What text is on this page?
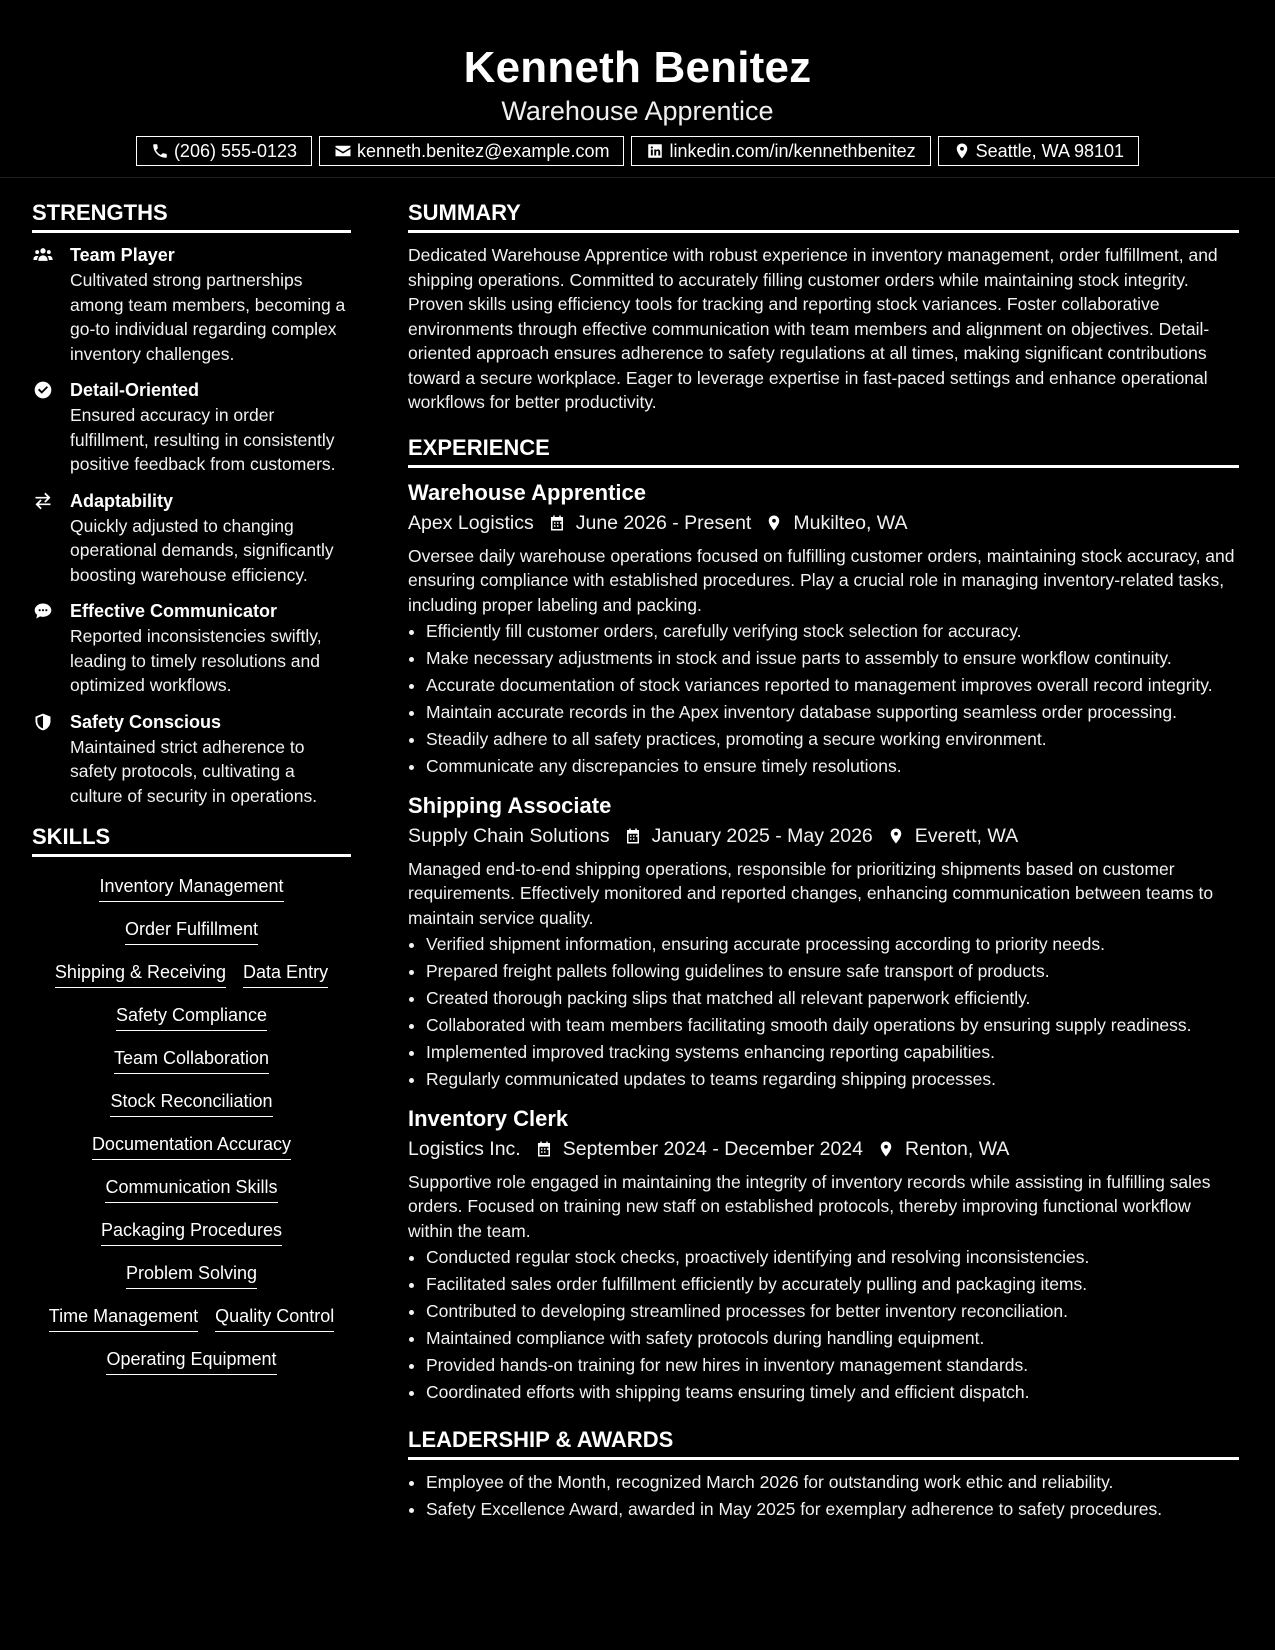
Kenneth Benitez
Warehouse Apprentice
(206) 555-0123	kenneth.benitez@example.com	linkedin.com/in/kennethbenitez	Seattle, WA 98101
STRENGTHS
Team Player
Cultivated strong partnerships among team members, becoming a go-to individual regarding complex inventory challenges.
Detail-Oriented
Ensured accuracy in order fulfillment, resulting in consistently positive feedback from customers.
Adaptability
Quickly adjusted to changing operational demands, significantly boosting warehouse efficiency.
Effective Communicator
Reported inconsistencies swiftly, leading to timely resolutions and optimized workflows.
Safety Conscious
Maintained strict adherence to safety protocols, cultivating a culture of security in operations.
SKILLS
Inventory Management
Order Fulfillment
Shipping & Receiving Data Entry
Safety Compliance
Team Collaboration
Stock Reconciliation
Documentation Accuracy
Communication Skills
Packaging Procedures
Problem Solving
Time Management Quality Control
Operating Equipment
SUMMARY
Dedicated Warehouse Apprentice with robust experience in inventory management, order fulfillment, and shipping operations. Committed to accurately filling customer orders while maintaining stock integrity. Proven skills using efficiency tools for tracking and reporting stock variances. Foster collaborative environments through effective communication with team members and alignment on objectives. Detail-oriented approach ensures adherence to safety regulations at all times, making significant contributions toward a secure workplace. Eager to leverage expertise in fast-paced settings and enhance operational workflows for better productivity.
EXPERIENCE
Warehouse Apprentice
Apex Logistics June 2026 - Present Mukilteo, WA
Oversee daily warehouse operations focused on fulfilling customer orders, maintaining stock accuracy, and ensuring compliance with established procedures. Play a crucial role in managing inventory-related tasks, including proper labeling and packing.
• Efficiently fill customer orders, carefully verifying stock selection for accuracy.
• Make necessary adjustments in stock and issue parts to assembly to ensure workflow continuity.
• Accurate documentation of stock variances reported to management improves overall record integrity.
• Maintain accurate records in the Apex inventory database supporting seamless order processing.
• Steadily adhere to all safety practices, promoting a secure working environment.
• Communicate any discrepancies to ensure timely resolutions.
Shipping Associate
Supply Chain Solutions January 2025 - May 2026 Everett, WA
Managed end-to-end shipping operations, responsible for prioritizing shipments based on customer requirements. Effectively monitored and reported changes, enhancing communication between teams to maintain service quality.
• Verified shipment information, ensuring accurate processing according to priority needs.
• Prepared freight pallets following guidelines to ensure safe transport of products.
• Created thorough packing slips that matched all relevant paperwork efficiently.
• Collaborated with team members facilitating smooth daily operations by ensuring supply readiness.
• Implemented improved tracking systems enhancing reporting capabilities.
• Regularly communicated updates to teams regarding shipping processes.
Inventory Clerk
Logistics Inc. September 2024 - December 2024 Renton, WA
Supportive role engaged in maintaining the integrity of inventory records while assisting in fulfilling sales orders. Focused on training new staff on established protocols, thereby improving functional workflow within the team.
• Conducted regular stock checks, proactively identifying and resolving inconsistencies.
• Facilitated sales order fulfillment efficiently by accurately pulling and packaging items.
• Contributed to developing streamlined processes for better inventory reconciliation.
• Maintained compliance with safety protocols during handling equipment.
• Provided hands-on training for new hires in inventory management standards.
• Coordinated efforts with shipping teams ensuring timely and efficient dispatch.
LEADERSHIP & AWARDS
• Employee of the Month, recognized March 2026 for outstanding work ethic and reliability.
• Safety Excellence Award, awarded in May 2025 for exemplary adherence to safety procedures.
